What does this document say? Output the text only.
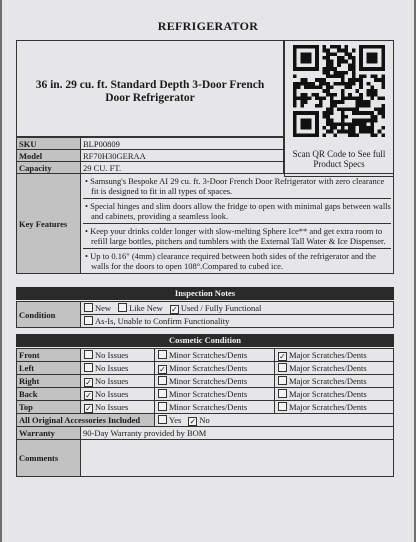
REFRIGERATOR
36 in. 29 cu. ft. Standard Depth 3-Door French Door Refrigerator
Scan QR Code to See full Product Specs
SKU	BLP00809
Model	RF70H30GERAA
Capacity	29 CU. FT.
Key Features	
• Samsung's Bespoke AI 29 cu. ft. 3-Door French Door Refrigerator with zero clearance fit is designed to fit in all types of spaces.
• Special hinges and slim doors allow the fridge to open with minimal gaps between walls and cabinets, providing a seamless look.
• Keep your drinks colder longer with slow-melting Sphere Ice** and get extra room to refill large bottles, pitchers and tumblers with the External Tall Water & Ice Dispenser.
• Up to 0.16" (4mm) clearance required between both sides of the refrigerator and the walls for the doors to open 108°.Compared to cubed ice.
Inspection Notes
Condition	New Like New ✓ Used / Fully Functional
As-Is, Unable to Confirm Functionality
Cosmetic Condition
Front	No Issues	Minor Scratches/Dents	✓ Major Scratches/Dents
Left	No Issues	✓ Minor Scratches/Dents	Major Scratches/Dents
Right	✓ No Issues	Minor Scratches/Dents	Major Scratches/Dents
Back	✓ No Issues	Minor Scratches/Dents	Major Scratches/Dents
Top	✓ No Issues	Minor Scratches/Dents	Major Scratches/Dents
All Original Accessories Included		Yes ✓ No	
Warranty	90-Day Warranty provided by BOM		
Comments			
